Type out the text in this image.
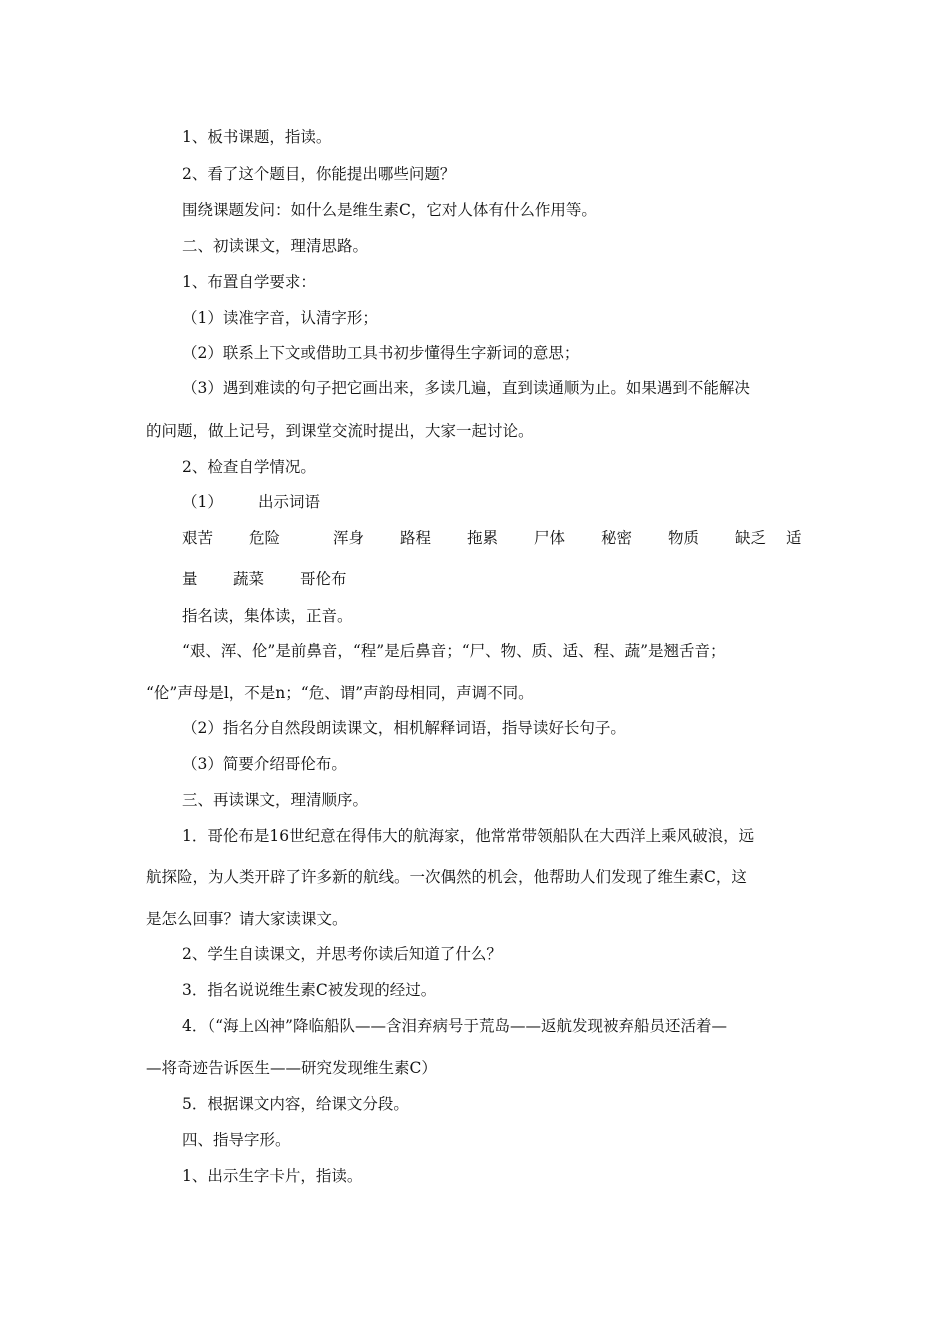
1、板书课题，指读。

2、看了这个题目，你能提出哪些问题？

围绕课题发问：如什么是维生素C，它对人体有什么作用等。

二、初读课文，理清思路。

1、布置自学要求：

（1）读准字音，认清字形；

（2）联系上下文或借助工具书初步懂得生字新词的意思；

（3）遇到难读的句子把它画出来，多读几遍，直到读通顺为止。如果遇到不能解决

的问题，做上记号，到课堂交流时提出，大家一起讨论。

2、检查自学情况。

（1） 出示词语

艰苦 危险	浑身 路程 拖累 尸体 秘密 物质 缺乏 适

量 蔬菜 哥伦布

指名读，集体读，正音。

“艰、浑、伦”是前鼻音，“程”是后鼻音；“尸、物、质、适、程、蔬”是翘舌音；

“伦”声母是l，不是n；“危、谓”声韵母相同，声调不同。

（2）指名分自然段朗读课文，相机解释词语，指导读好长句子。

（3）简要介绍哥伦布。

三、再读课文，理清顺序。

1．哥伦布是16世纪意在得伟大的航海家，他常常带领船队在大西洋上乘风破浪，远

航探险，为人类开辟了许多新的航线。一次偶然的机会，他帮助人们发现了维生素C，这

是怎么回事？请大家读课文。

2、学生自读课文，并思考你读后知道了什么？

3．指名说说维生素C被发现的经过。

4．（“海上凶神”降临船队——含泪弃病号于荒岛——返航发现被弃船员还活着—

—将奇迹告诉医生——研究发现维生素C）

5．根据课文内容，给课文分段。

四、指导字形。

1、出示生字卡片，指读。
